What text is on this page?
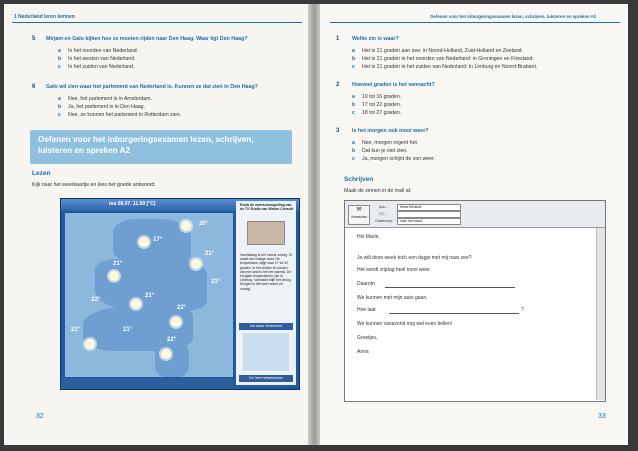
1 Nederland leren kennen
5 Mirjam en Galo kijken hoe ze moeten rijden naar Den Haag. Waar ligt Den Haag?
a In het noorden van Nederland.
b In het westen van Nederland.
c In het zuiden van Nederland.
6 Galo wil zien waar het parlement van Nederland is. Kunnen ze dat zien in Den Haag?
a Nee, het parlement is in Amsterdam.
b Ja, het parlement is in Den Haag.
c Nee, ze kunnen het parlement in Rotterdam zien.
Oefenen voor het inburgeringsexamen lezen, schrijven, luisteren en spreken A2
Lezen
Kijk naar het weerkaartje en kies het goede antwoord.
ma 08.07. 11.00 [°C]
20°
17°
21°
21°
21°
22°
21°
22°
21°	21°
22°
Exmb de weersvoorspelling van de TV Studio van Weken Consult
Vanmiddag is het overal zonnig. Er waait een matige wind. De temperatuur stijgt naar 17 tot 22 graden. In het zuiden en oosten van het land is het het warmst. De hoogste temperaturen zijn in Limburg. Vannacht blijft het droog. Morgen is het weer warm en zonnig.
Uw radar Nederland
De heet netwerkweer
32
Oefenen voor het inburgeringsexamen lezen, schrijven, luisteren en spreken A2
1 Welke zin is waar?
a Het is 21 graden aan zee: in Noord-Holland, Zuid-Holland en Zeeland.
b Het is 21 graden in het noorden van Nederland: in Groningen en Friesland.
c Het is 21 graden in het zuiden van Nederland: in Limburg en Noord-Brabant.
2 Hoeveel graden is het vannacht?
a 10 tot 16 graden.
b 17 tot 22 graden.
c 18 tot 27 graden.
3 Is het morgen ook mooi weer?
a Nee, morgen regent het.
b Dat kun je niet zien.
c Ja, morgen schijnt de zon weer.
Schrijven
Maak de zinnen in de mail af.
✉
Verzenden
Aan...	Marie Beukels
CC...
Onderwerp:	naar het Ikland
Hoi Marie,
Je wilt deze week toch een dagje met mij naar zee?
Het wordt vrijdag heel mooi weer.
Daarom
We kunnen met mijn auto gaan.
Hoe laat	?
We kunnen vanavond nog wel even bellen!
Groetjes,
Anna
33
